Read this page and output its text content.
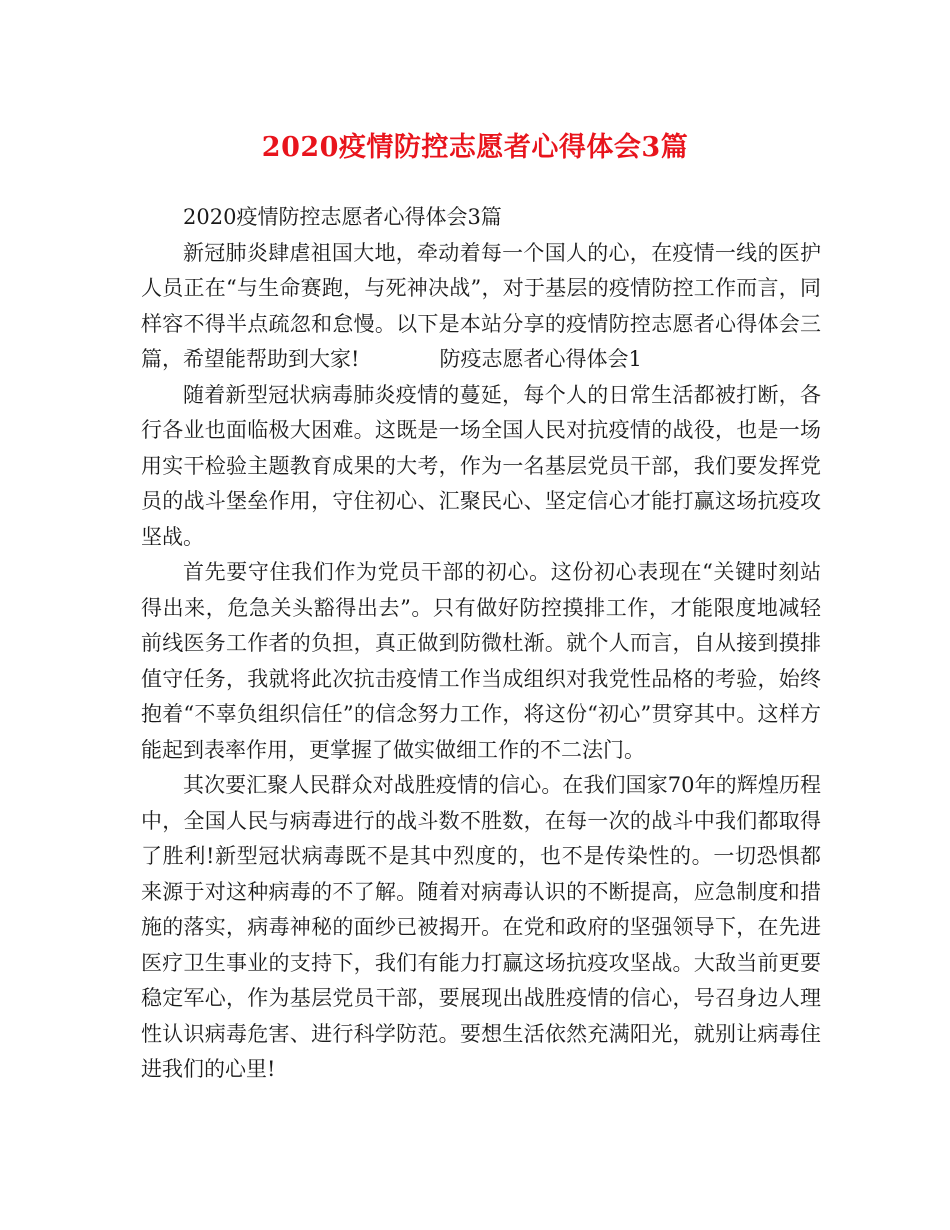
2020疫情防控志愿者心得体会3篇

2020疫情防控志愿者心得体会3篇

新冠肺炎肆虐祖国大地，牵动着每一个国人的心，在疫情一线的医护人员正在“与生命赛跑，与死神决战”，对于基层的疫情防控工作而言，同样容不得半点疏忽和怠慢。以下是本站分享的疫情防控志愿者心得体会三篇，希望能帮助到大家!	防疫志愿者心得体会1

随着新型冠状病毒肺炎疫情的蔓延，每个人的日常生活都被打断，各行各业也面临极大困难。这既是一场全国人民对抗疫情的战役，也是一场用实干检验主题教育成果的大考，作为一名基层党员干部，我们要发挥党员的战斗堡垒作用，守住初心、汇聚民心、坚定信心才能打赢这场抗疫攻坚战。

首先要守住我们作为党员干部的初心。这份初心表现在“关键时刻站得出来，危急关头豁得出去”。只有做好防控摸排工作，才能限度地减轻前线医务工作者的负担，真正做到防微杜渐。就个人而言，自从接到摸排值守任务，我就将此次抗击疫情工作当成组织对我党性品格的考验，始终抱着“不辜负组织信任”的信念努力工作，将这份“初心”贯穿其中。这样方能起到表率作用，更掌握了做实做细工作的不二法门。

其次要汇聚人民群众对战胜疫情的信心。在我们国家70年的辉煌历程中，全国人民与病毒进行的战斗数不胜数，在每一次的战斗中我们都取得了胜利!新型冠状病毒既不是其中烈度的，也不是传染性的。一切恐惧都来源于对这种病毒的不了解。随着对病毒认识的不断提高，应急制度和措施的落实，病毒神秘的面纱已被揭开。在党和政府的坚强领导下，在先进医疗卫生事业的支持下，我们有能力打赢这场抗疫攻坚战。大敌当前更要稳定军心，作为基层党员干部，要展现出战胜疫情的信心，号召身边人理性认识病毒危害、进行科学防范。要想生活依然充满阳光，就别让病毒住进我们的心里!
